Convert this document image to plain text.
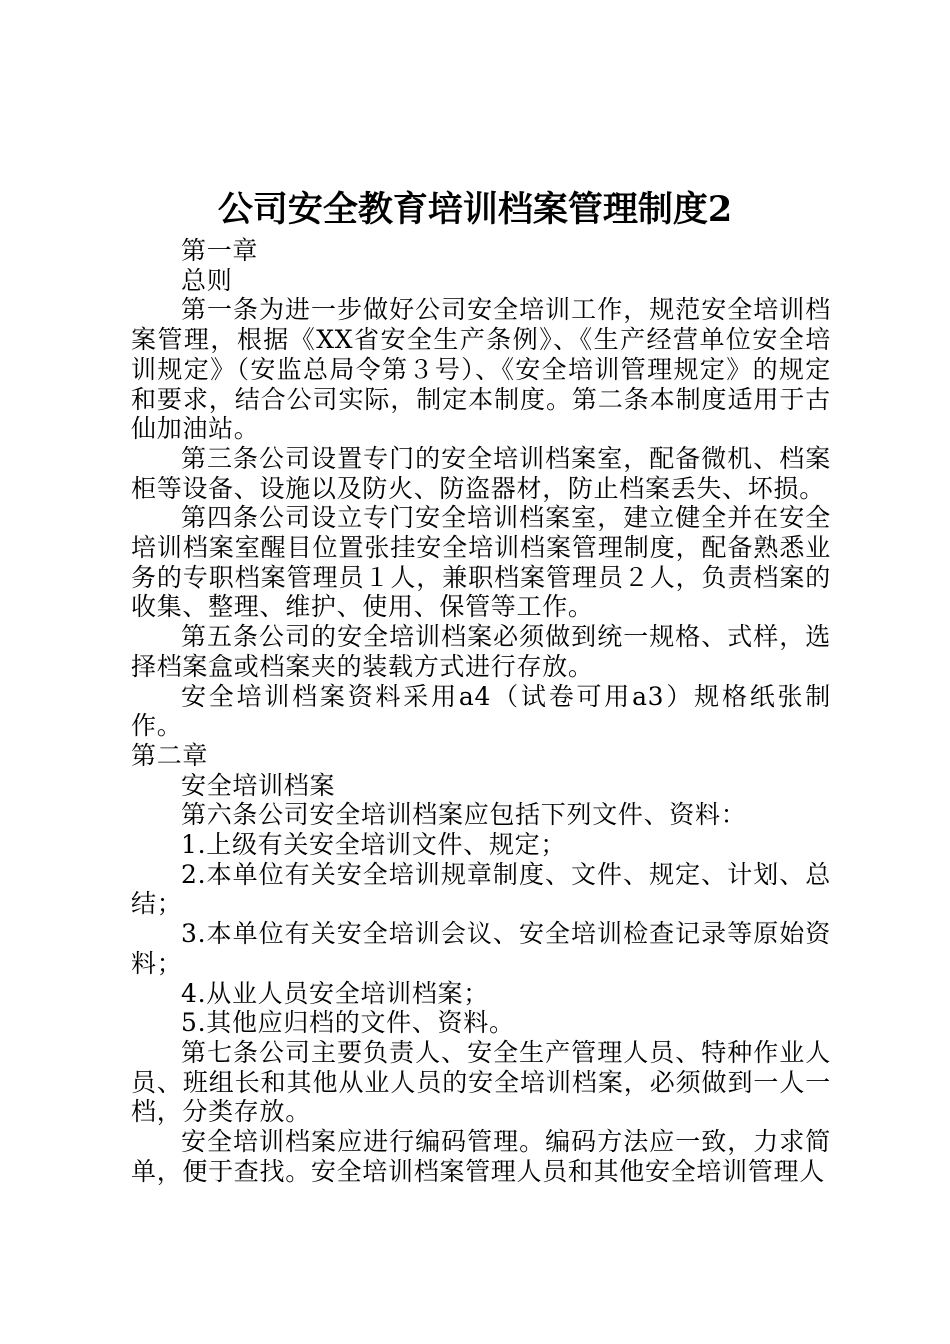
公司安全教育培训档案管理制度2

第一章

总则

第一条为进一步做好公司安全培训工作，规范安全培训档案管理，根据《XX省安全生产条例》、《生产经营单位安全培训规定》（安监总局令第３号）、《安全培训管理规定》的规定和要求，结合公司实际，制定本制度。第二条本制度适用于古仙加油站。

第三条公司设置专门的安全培训档案室，配备微机、档案柜等设备、设施以及防火、防盗器材，防止档案丢失、坏损。

第四条公司设立专门安全培训档案室，建立健全并在安全培训档案室醒目位置张挂安全培训档案管理制度，配备熟悉业务的专职档案管理员１人，兼职档案管理员２人，负责档案的收集、整理、维护、使用、保管等工作。

第五条公司的安全培训档案必须做到统一规格、式样，选择档案盒或档案夹的装载方式进行存放。

安全培训档案资料采用a4（试卷可用a3）规格纸张制作。

第二章

安全培训档案

第六条公司安全培训档案应包括下列文件、资料：

1.上级有关安全培训文件、规定；

2.本单位有关安全培训规章制度、文件、规定、计划、总结；

3.本单位有关安全培训会议、安全培训检查记录等原始资料；

4.从业人员安全培训档案；

5.其他应归档的文件、资料。

第七条公司主要负责人、安全生产管理人员、特种作业人员、班组长和其他从业人员的安全培训档案，必须做到一人一档，分类存放。

安全培训档案应进行编码管理。编码方法应一致，力求简单，便于查找。安全培训档案管理人员和其他安全培训管理人
